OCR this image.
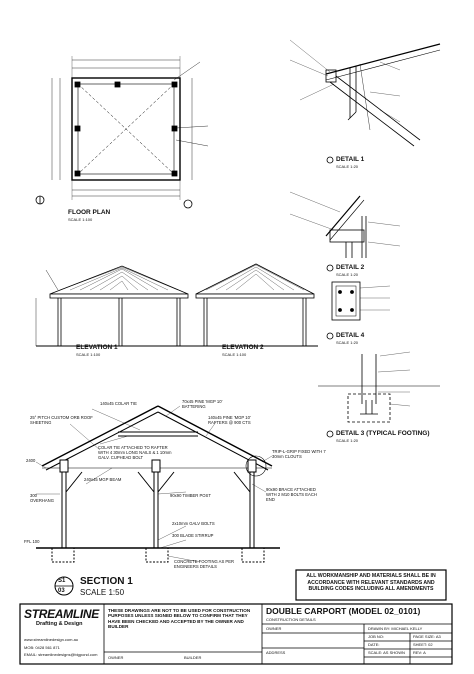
FLOOR PLAN
SCALE 1:100
ELEVATION 1
SCALE 1:100
ELEVATION 2
SCALE 1:100
DETAIL 1
SCALE 1:20
DETAIL 2
SCALE 1:20
DETAIL 4
SCALE 1:20
DETAIL 3 (TYPICAL FOOTING)
SCALE 1:20
140x45 COLAR TIE
25° PITCH CUSTOM ORB ROOF SHEETING
COLAR TIE ATTACHED TO RAFTER WITH 4 30mm LONG NAILS & 1 10mm GALV. CUPHEAD BOLT
70x45 PINE 'MGP 10' BATTERING
140x45 PINE 'MGP 10' RAFTERS @ 900 CTS
2400
240x45 MGP BEAM
300 OVERHANG
TRIP-L-GRIP FIXED WITH 7 30mm CLOUTS
90x90 TIMBER POST
90x90 BRACE ATTACHED WITH 2 M10 BOLTS EACH END
FFL 100
2x10mm GALV BOLTS
300 BLADE STIRRUP
CONCRETE FOOTING AS PER ENGINEERS DETAILS
S1
03
SECTION 1
SCALE 1:50
ALL WORKMANSHIP AND MATERIALS SHALL BE IN ACCORDANCE WITH RELEVANT STANDARDS AND BUILDING CODES INCLUDING ALL AMENDMENTS
STREAMLINE
Drafting & Design
www.streamlinedesign.com.au
MOB: 0428 561 871
EMAIL: streamlinedesigns@bigpond.com
THESE DRAWINGS ARE NOT TO BE USED FOR CONSTRUCTION PURPOSES UNLESS SIGNED BELOW TO CONFIRM THAT THEY HAVE BEEN CHECKED AND ACCEPTED BY THE OWNER AND BUILDER
OWNER	BUILDER
DOUBLE CARPORT (MODEL 02_0101)
CONSTRUCTION DETAILS
OWNER
ADDRESS
DRAWN BY: MICHAEL KELLY
JOB NO:	PAGE SIZE: A3
DATE:	SHEET: 02
SCALE: AS SHOWN REV: A
